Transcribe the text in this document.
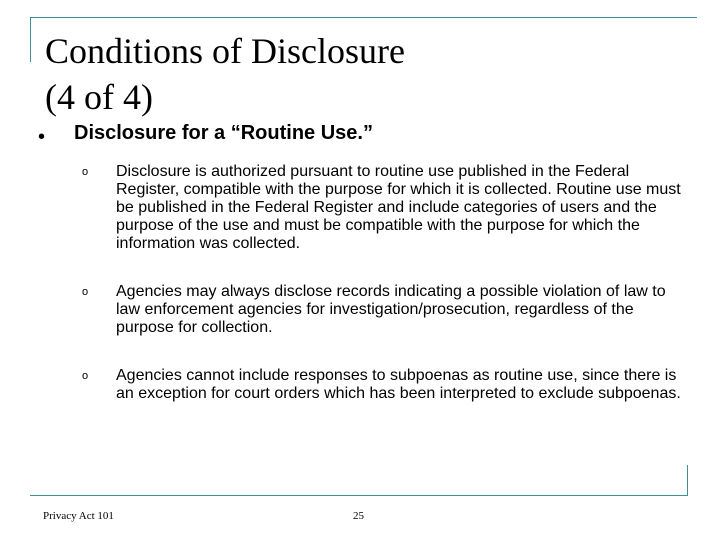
Conditions of Disclosure
(4 of 4)
• Disclosure for a “Routine Use.”
o Disclosure is authorized pursuant to routine use published in the Federal Register, compatible with the purpose for which it is collected. Routine use must be published in the Federal Register and include categories of users and the purpose of the use and must be compatible with the purpose for which the information was collected.
o Agencies may always disclose records indicating a possible violation of law to law enforcement agencies for investigation/prosecution, regardless of the purpose for collection.
o Agencies cannot include responses to subpoenas as routine use, since there is an exception for court orders which has been interpreted to exclude subpoenas.
Privacy Act 101	25
